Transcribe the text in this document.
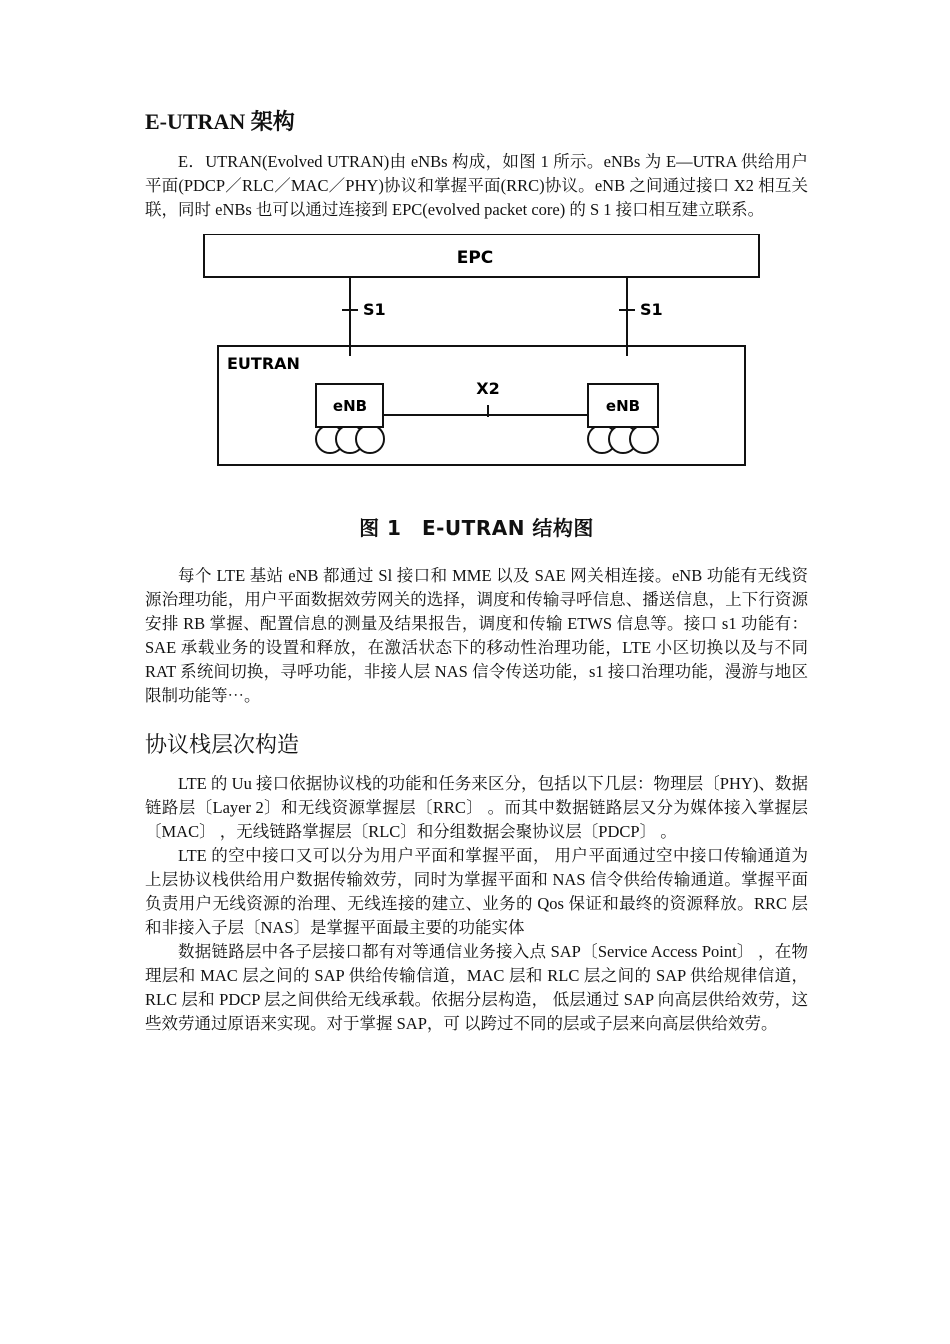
E-UTRAN 架构

E．UTRAN(Evolved UTRAN)由 eNBs 构成，如图 1 所示。eNBs 为 E—UTRA 供给用户平面(PDCP／RLC／MAC／PHY)协议和掌握平面(RRC)协议。eNB 之间通过接口 X2 相互关联，同时 eNBs 也可以通过连接到 EPC(evolved packet core) 的 S 1 接口相互建立联系。

EPC
S1	S1
EUTRAN
X2
eNB	eNB
图 1　E-UTRAN 结构图

每个 LTE 基站 eNB 都通过 Sl 接口和 MME 以及 SAE 网关相连接。eNB 功能有无线资源治理功能，用户平面数据效劳网关的选择，调度和传输寻呼信息、播送信息，上下行资源安排 RB 掌握、配置信息的测量及结果报告，调度和传输 ETWS 信息等。接口 s1 功能有：SAE 承载业务的设置和释放，在激活状态下的移动性治理功能，LTE 小区切换以及与不同 RAT 系统间切换，寻呼功能，非接人层 NAS 信令传送功能，s1 接口治理功能，漫游与地区限制功能等⋯。

协议栈层次构造

LTE 的 Uu 接口依据协议栈的功能和任务来区分，包括以下几层：物理层〔PHY)、数据链路层〔Layer 2〕和无线资源掌握层〔RRC〕 。而其中数据链路层又分为媒体接入掌握层〔MAC〕 ，无线链路掌握层〔RLC〕和分组数据会聚协议层〔PDCP〕 。

LTE 的空中接口又可以分为用户平面和掌握平面， 用户平面通过空中接口传输通道为上层协议栈供给用户数据传输效劳，同时为掌握平面和 NAS 信令供给传输通道。掌握平面负责用户无线资源的治理、无线连接的建立、业务的 Qos 保证和最终的资源释放。RRC 层和非接入子层〔NAS〕是掌握平面最主要的功能实体

数据链路层中各子层接口都有对等通信业务接入点 SAP〔Service Access Point〕 ，在物理层和 MAC 层之间的 SAP 供给传输信道，MAC 层和 RLC 层之间的 SAP 供给规律信道，RLC 层和 PDCP 层之间供给无线承载。依据分层构造， 低层通过 SAP 向高层供给效劳，这些效劳通过原语来实现。对于掌握 SAP，可 以跨过不同的层或子层来向高层供给效劳。
